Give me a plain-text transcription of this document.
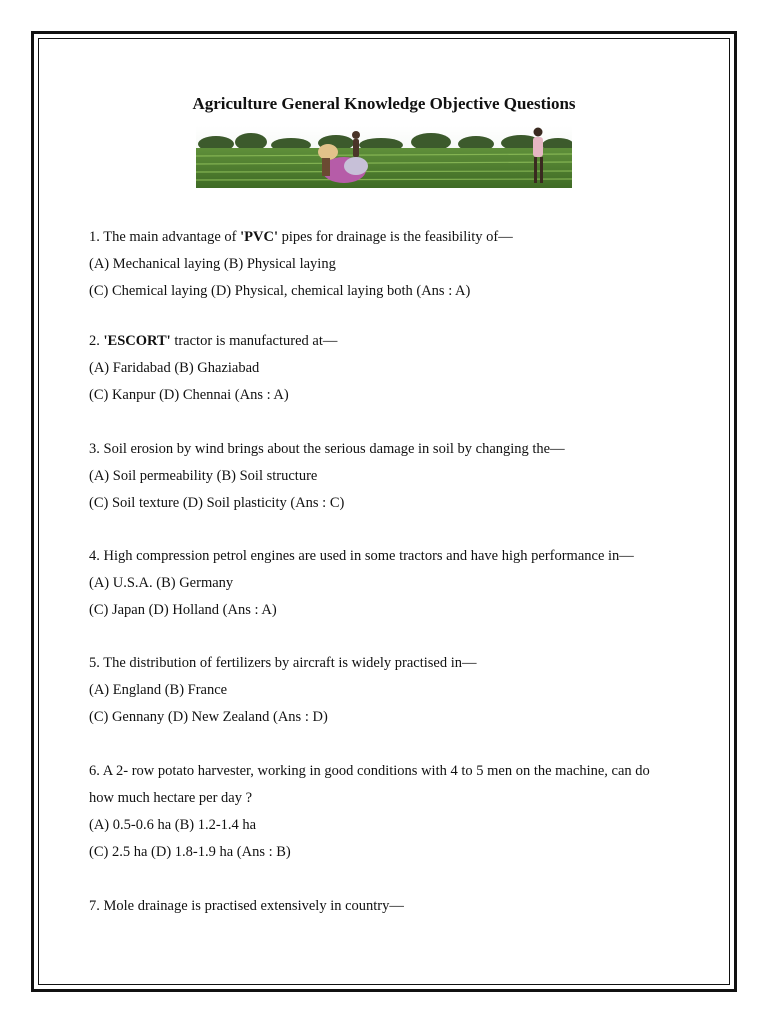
Agriculture General Knowledge Objective Questions
1. The main advantage of 'PVC' pipes for drainage is the feasibility of—
(A) Mechanical laying (B) Physical laying
(C) Chemical laying (D) Physical, chemical laying both (Ans : A)
2. 'ESCORT' tractor is manufactured at—
(A) Faridabad (B) Ghaziabad
(C) Kanpur (D) Chennai (Ans : A)
3. Soil erosion by wind brings about the serious damage in soil by changing the—
(A) Soil permeability (B) Soil structure
(C) Soil texture (D) Soil plasticity (Ans : C)
4. High compression petrol engines are used in some tractors and have high performance in—
(A) U.S.A. (B) Germany
(C) Japan (D) Holland (Ans : A)
5. The distribution of fertilizers by aircraft is widely practised in—
(A) England (B) France
(C) Gennany (D) New Zealand (Ans : D)
6. A 2- row potato harvester, working in good conditions with 4 to 5 men on the machine, can do
how much hectare per day ?
(A) 0.5-0.6 ha (B) 1.2-1.4 ha
(C) 2.5 ha (D) 1.8-1.9 ha (Ans : B)
7. Mole drainage is practised extensively in country—
